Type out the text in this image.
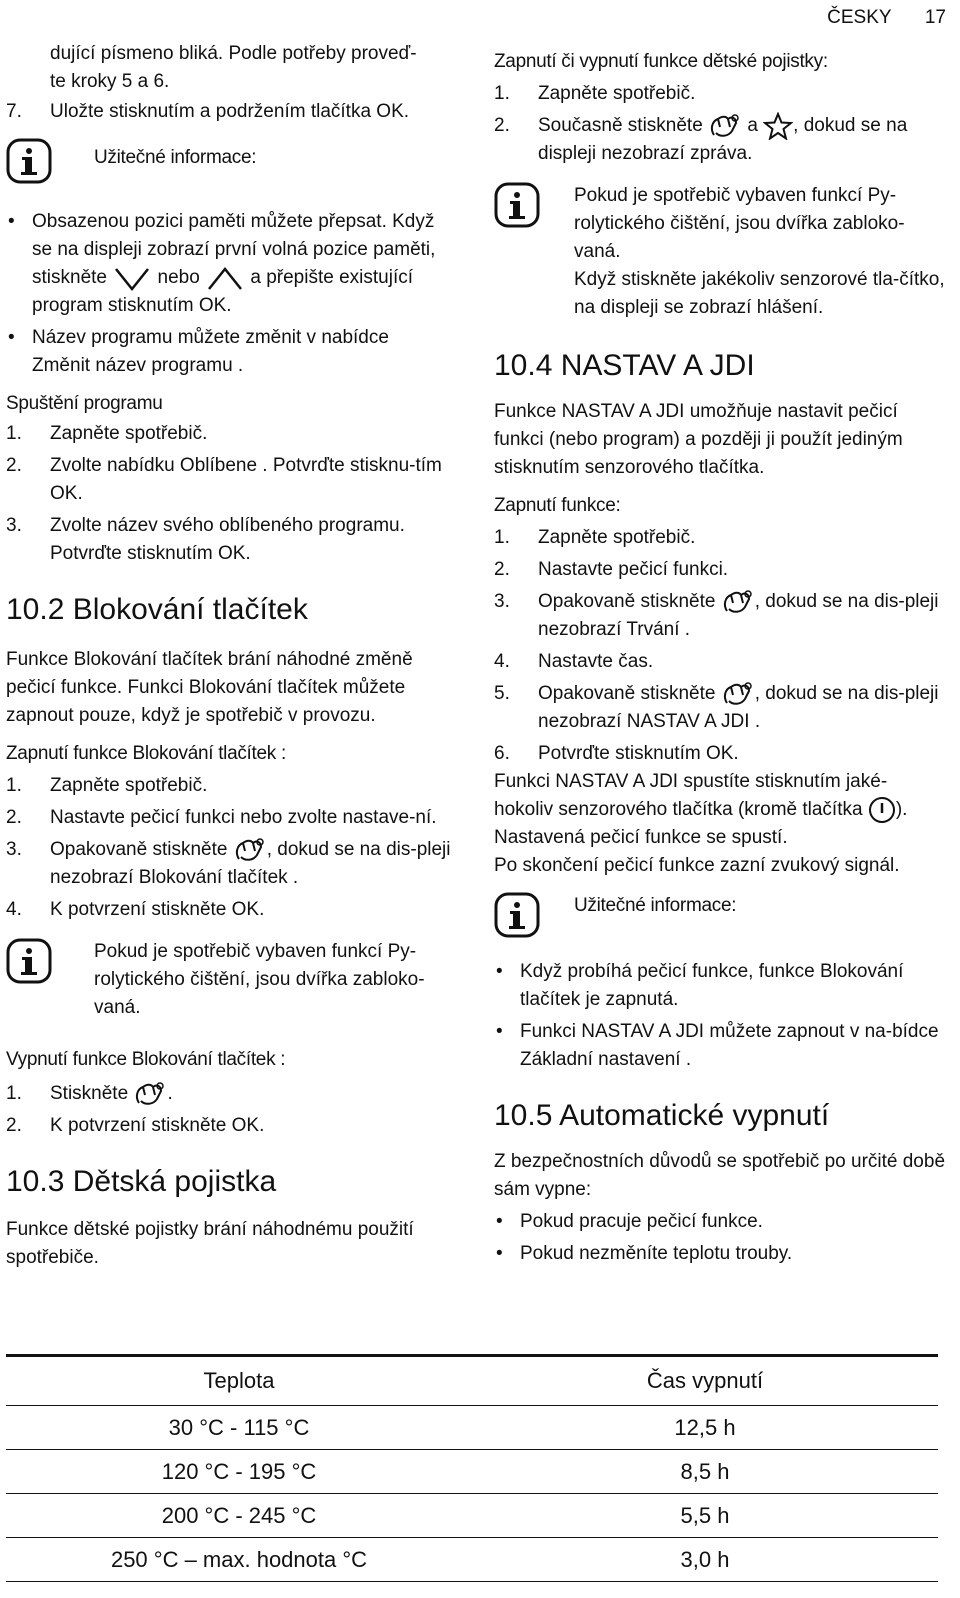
ČESKY 17

dující písmeno bliká. Podle potřeby proveď-

te kroky 5 a 6.

7.	Uložte stisknutím a podržením tlačítka OK.
Užitečné informace:
• Obsazenou pozici paměti můžete přepsat. Když se na displeji zobrazí první volná pozice paměti, stiskněte  nebo  a přepište existující program stisknutím OK.
• Název programu můžete změnit v nabídce Změnit název programu .

Spuštění programu

1.	Zapněte spotřebič.
2.	Zvolte nabídku Oblíbene . Potvrďte stisknu-tím OK.
3.	Zvolte název svého oblíbeného programu. Potvrďte stisknutím OK.
10.2 Blokování tlačítek

Funkce Blokování tlačítek brání náhodné změně pečicí funkce. Funkci Blokování tlačítek můžete zapnout pouze, když je spotřebič v provozu.

Zapnutí funkce Blokování tlačítek :

1.	Zapněte spotřebič.
2.	Nastavte pečicí funkci nebo zvolte nastave-ní.
3.	Opakovaně stiskněte , dokud se na dis-pleji nezobrazí Blokování tlačítek .
4.	K potvrzení stiskněte OK.
Pokud je spotřebič vybaven funkcí Py-rolytického čištění, jsou dvířka zabloko-vaná.

Vypnutí funkce Blokování tlačítek :

1.	Stiskněte .
2.	K potvrzení stiskněte OK.
10.3 Dětská pojistka

Funkce dětské pojistky brání náhodnému použití spotřebiče.

Zapnutí či vypnutí funkce dětské pojistky:

1.	Zapněte spotřebič.
2.	Současně stiskněte  a , dokud se na displeji nezobrazí zpráva.

Pokud je spotřebič vybaven funkcí Py-rolytického čištění, jsou dvířka zabloko-vaná.

Když stiskněte jakékoliv senzorové tla-čítko, na displeji se zobrazí hlášení.

10.4 NASTAV A JDI

Funkce NASTAV A JDI umožňuje nastavit pečicí funkci (nebo program) a později ji použít jediným stisknutím senzorového tlačítka.

Zapnutí funkce:

1.	Zapněte spotřebič.
2.	Nastavte pečicí funkci.
3.	Opakovaně stiskněte , dokud se na dis-pleji nezobrazí Trvání .
4.	Nastavte čas.
5.	Opakovaně stiskněte , dokud se na dis-pleji nezobrazí NASTAV A JDI .
6.	Potvrďte stisknutím OK.

Funkci NASTAV A JDI spustíte stisknutím jaké-hokoliv senzorového tlačítka (kromě tlačítka ). Nastavená pečicí funkce se spustí.

Po skončení pečicí funkce zazní zvukový signál.

Užitečné informace:
• Když probíhá pečicí funkce, funkce Blokování tlačítek je zapnutá.
• Funkci NASTAV A JDI můžete zapnout v na-bídce Základní nastavení .
10.5 Automatické vypnutí

Z bezpečnostních důvodů se spotřebič po určité době sám vypne:

• Pokud pracuje pečicí funkce.
• Pokud nezměníte teplotu trouby.
Teplota	Čas vypnutí
30 °C - 115 °C	12,5 h
120 °C - 195 °C	8,5 h
200 °C - 245 °C	5,5 h
250 °C – max. hodnota °C	3,0 h
